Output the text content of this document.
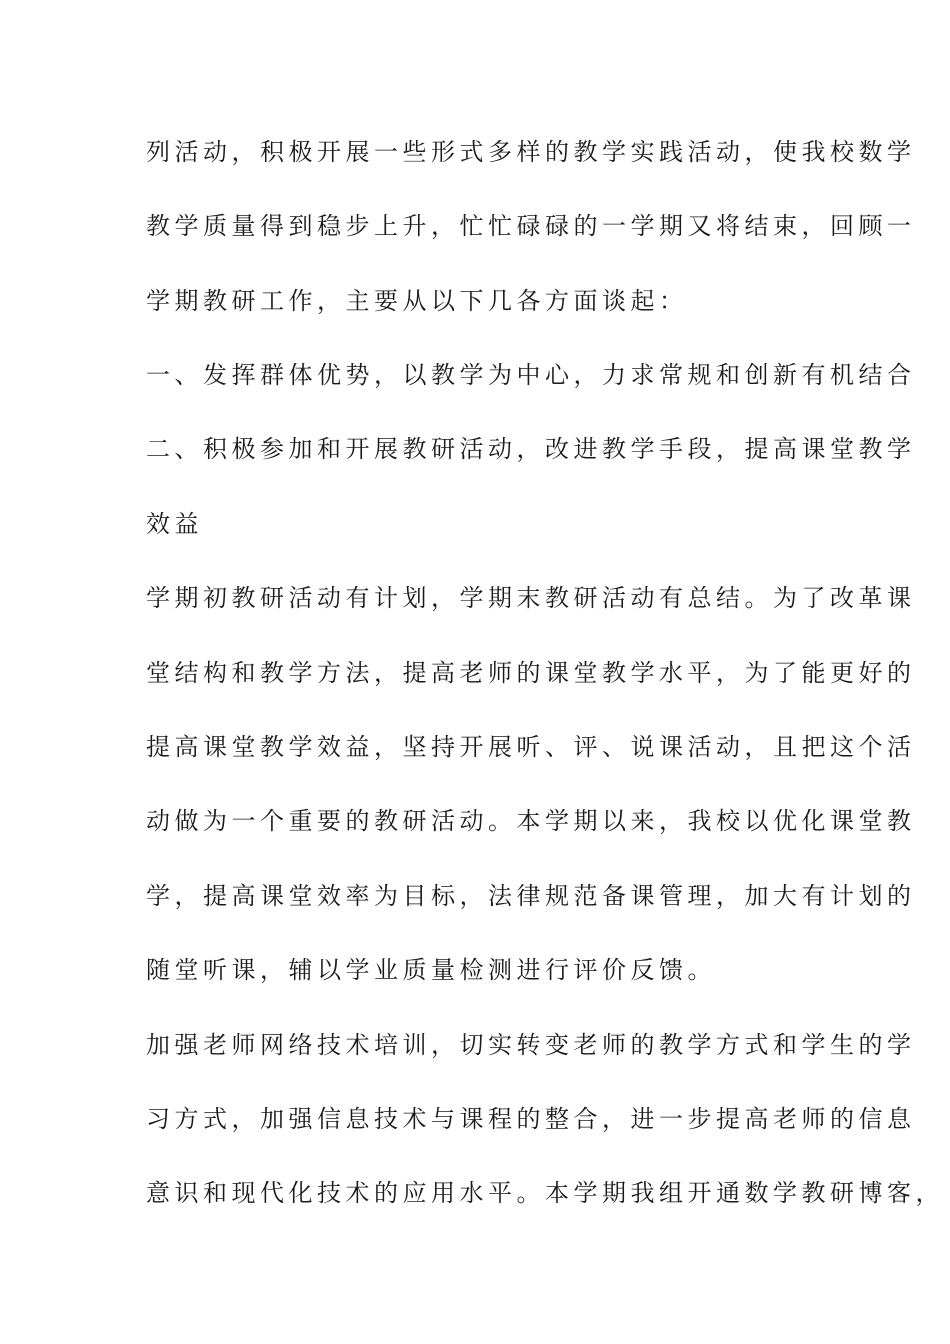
列活动，积极开展一些形式多样的教学实践活动，使我校数学

教学质量得到稳步上升，忙忙碌碌的一学期又将结束，回顾一

学期教研工作，主要从以下几各方面谈起：

一、发挥群体优势，以教学为中心，力求常规和创新有机结合

二、积极参加和开展教研活动，改进教学手段，提高课堂教学

效益

学期初教研活动有计划，学期末教研活动有总结。为了改革课

堂结构和教学方法，提高老师的课堂教学水平，为了能更好的

提高课堂教学效益，坚持开展听、评、说课活动，且把这个活

动做为一个重要的教研活动。本学期以来，我校以优化课堂教

学，提高课堂效率为目标，法律规范备课管理，加大有计划的

随堂听课，辅以学业质量检测进行评价反馈。

加强老师网络技术培训，切实转变老师的教学方式和学生的学

习方式，加强信息技术与课程的整合，进一步提高老师的信息

意识和现代化技术的应用水平。本学期我组开通数学教研博客，
